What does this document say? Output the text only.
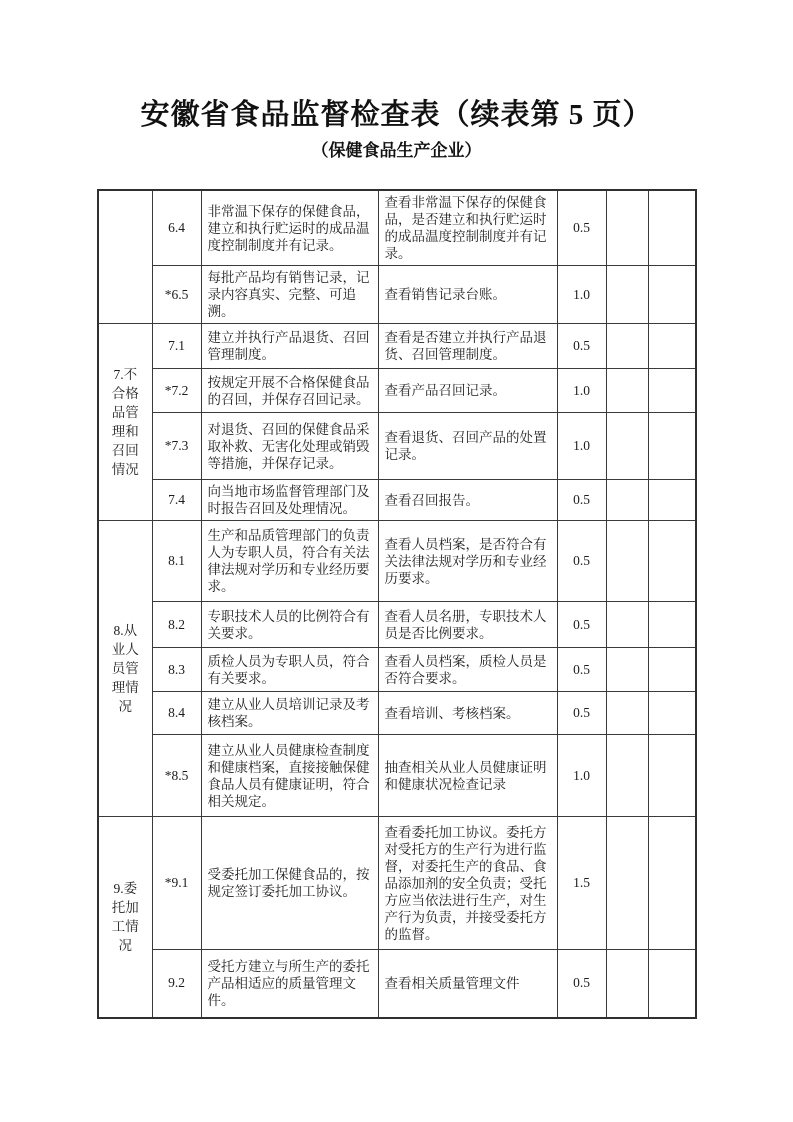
安徽省食品监督检查表（续表第 5 页）
（保健食品生产企业）
	6.4	非常温下保存的保健食品，建立和执行贮运时的成品温度控制制度并有记录。	查看非常温下保存的保健食品，是否建立和执行贮运时的成品温度控制制度并有记录。	0.5		
	*6.5	每批产品均有销售记录，记录内容真实、完整、可追溯。	查看销售记录台账。	1.0		
7.不合格品管理和召回情况	7.1	建立并执行产品退货、召回管理制度。	查看是否建立并执行产品退货、召回管理制度。	0.5		
	*7.2	按规定开展不合格保健食品的召回，并保存召回记录。	查看产品召回记录。	1.0		
	*7.3	对退货、召回的保健食品采取补救、无害化处理或销毁等措施，并保存记录。	查看退货、召回产品的处置记录。	1.0		
	7.4	向当地市场监督管理部门及时报告召回及处理情况。	查看召回报告。	0.5		
8.从业人员管理情况	8.1	生产和品质管理部门的负责人为专职人员，符合有关法律法规对学历和专业经历要求。	查看人员档案，是否符合有关法律法规对学历和专业经历要求。	0.5		
	8.2	专职技术人员的比例符合有关要求。	查看人员名册，专职技术人员是否比例要求。	0.5		
	8.3	质检人员为专职人员，符合有关要求。	查看人员档案，质检人员是否符合要求。	0.5		
	8.4	建立从业人员培训记录及考核档案。	查看培训、考核档案。	0.5		
	*8.5	建立从业人员健康检查制度和健康档案，直接接触保健食品人员有健康证明，符合相关规定。	抽查相关从业人员健康证明和健康状况检查记录	1.0		
9.委托加工情况	*9.1	受委托加工保健食品的，按规定签订委托加工协议。	查看委托加工协议。委托方对受托方的生产行为进行监督，对委托生产的食品、食品添加剂的安全负责；受托方应当依法进行生产，对生产行为负责，并接受委托方的监督。	1.5		
	9.2	受托方建立与所生产的委托产品相适应的质量管理文件。	查看相关质量管理文件	0.5		
